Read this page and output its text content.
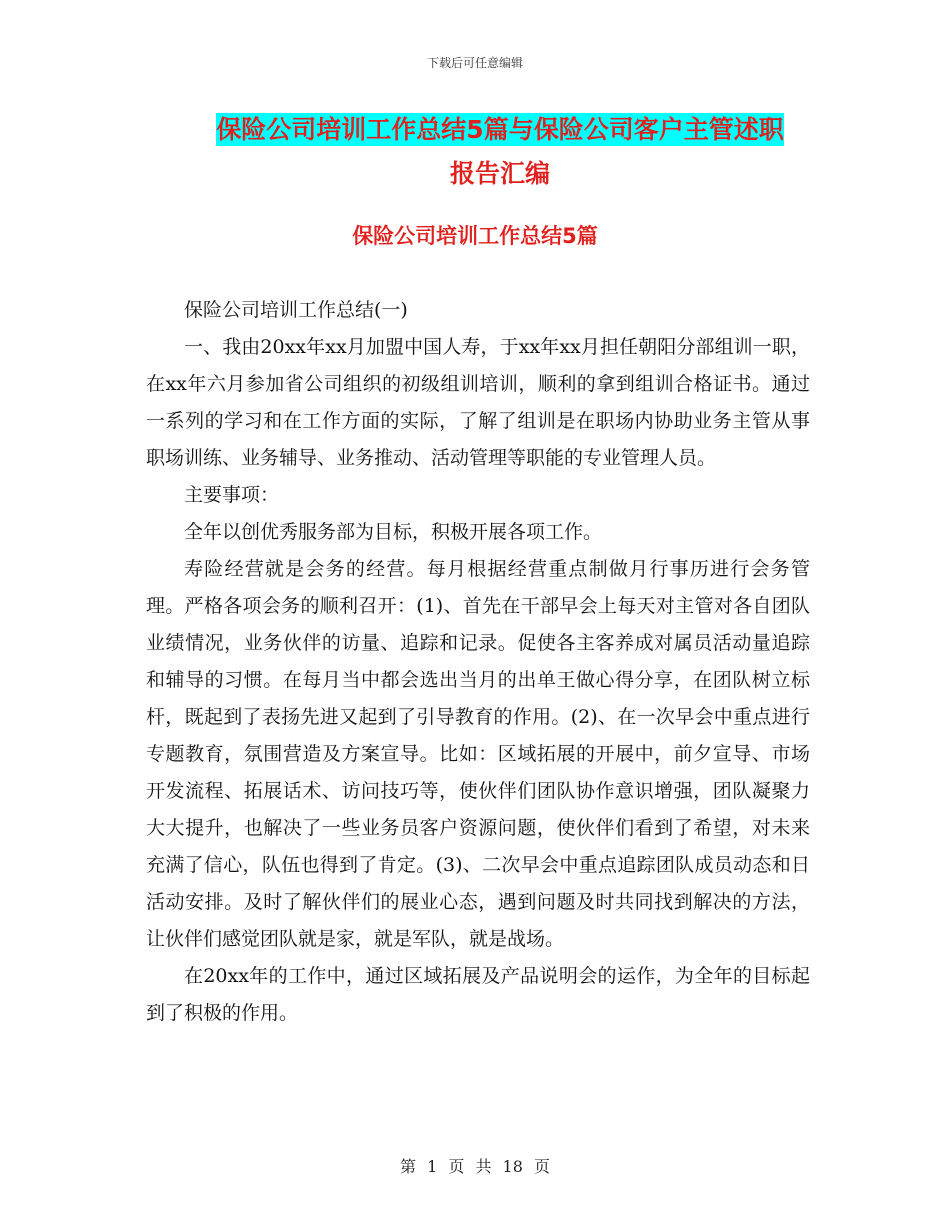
下载后可任意编辑
保险公司培训工作总结5篇与保险公司客户主管述职
报告汇编
保险公司培训工作总结5篇

保险公司培训工作总结(一)

一、我由20xx年xx月加盟中国人寿，于xx年xx月担任朝阳分部组训一职，在xx年六月参加省公司组织的初级组训培训，顺利的拿到组训合格证书。通过一系列的学习和在工作方面的实际，了解了组训是在职场内协助业务主管从事职场训练、业务辅导、业务推动、活动管理等职能的专业管理人员。

主要事项：

全年以创优秀服务部为目标，积极开展各项工作。

寿险经营就是会务的经营。每月根据经营重点制做月行事历进行会务管理。严格各项会务的顺利召开：(1)、首先在干部早会上每天对主管对各自团队业绩情况，业务伙伴的访量、追踪和记录。促使各主客养成对属员活动量追踪和辅导的习惯。在每月当中都会选出当月的出单王做心得分享，在团队树立标杆，既起到了表扬先进又起到了引导教育的作用。(2)、在一次早会中重点进行专题教育，氛围营造及方案宣导。比如：区域拓展的开展中，前夕宣导、市场开发流程、拓展话术、访问技巧等，使伙伴们团队协作意识增强，团队凝聚力大大提升，也解决了一些业务员客户资源问题，使伙伴们看到了希望，对未来充满了信心，队伍也得到了肯定。(3)、二次早会中重点追踪团队成员动态和日活动安排。及时了解伙伴们的展业心态，遇到问题及时共同找到解决的方法，让伙伴们感觉团队就是家，就是军队，就是战场。

在20xx年的工作中，通过区域拓展及产品说明会的运作，为全年的目标起到了积极的作用。

第 1 页 共 18 页
